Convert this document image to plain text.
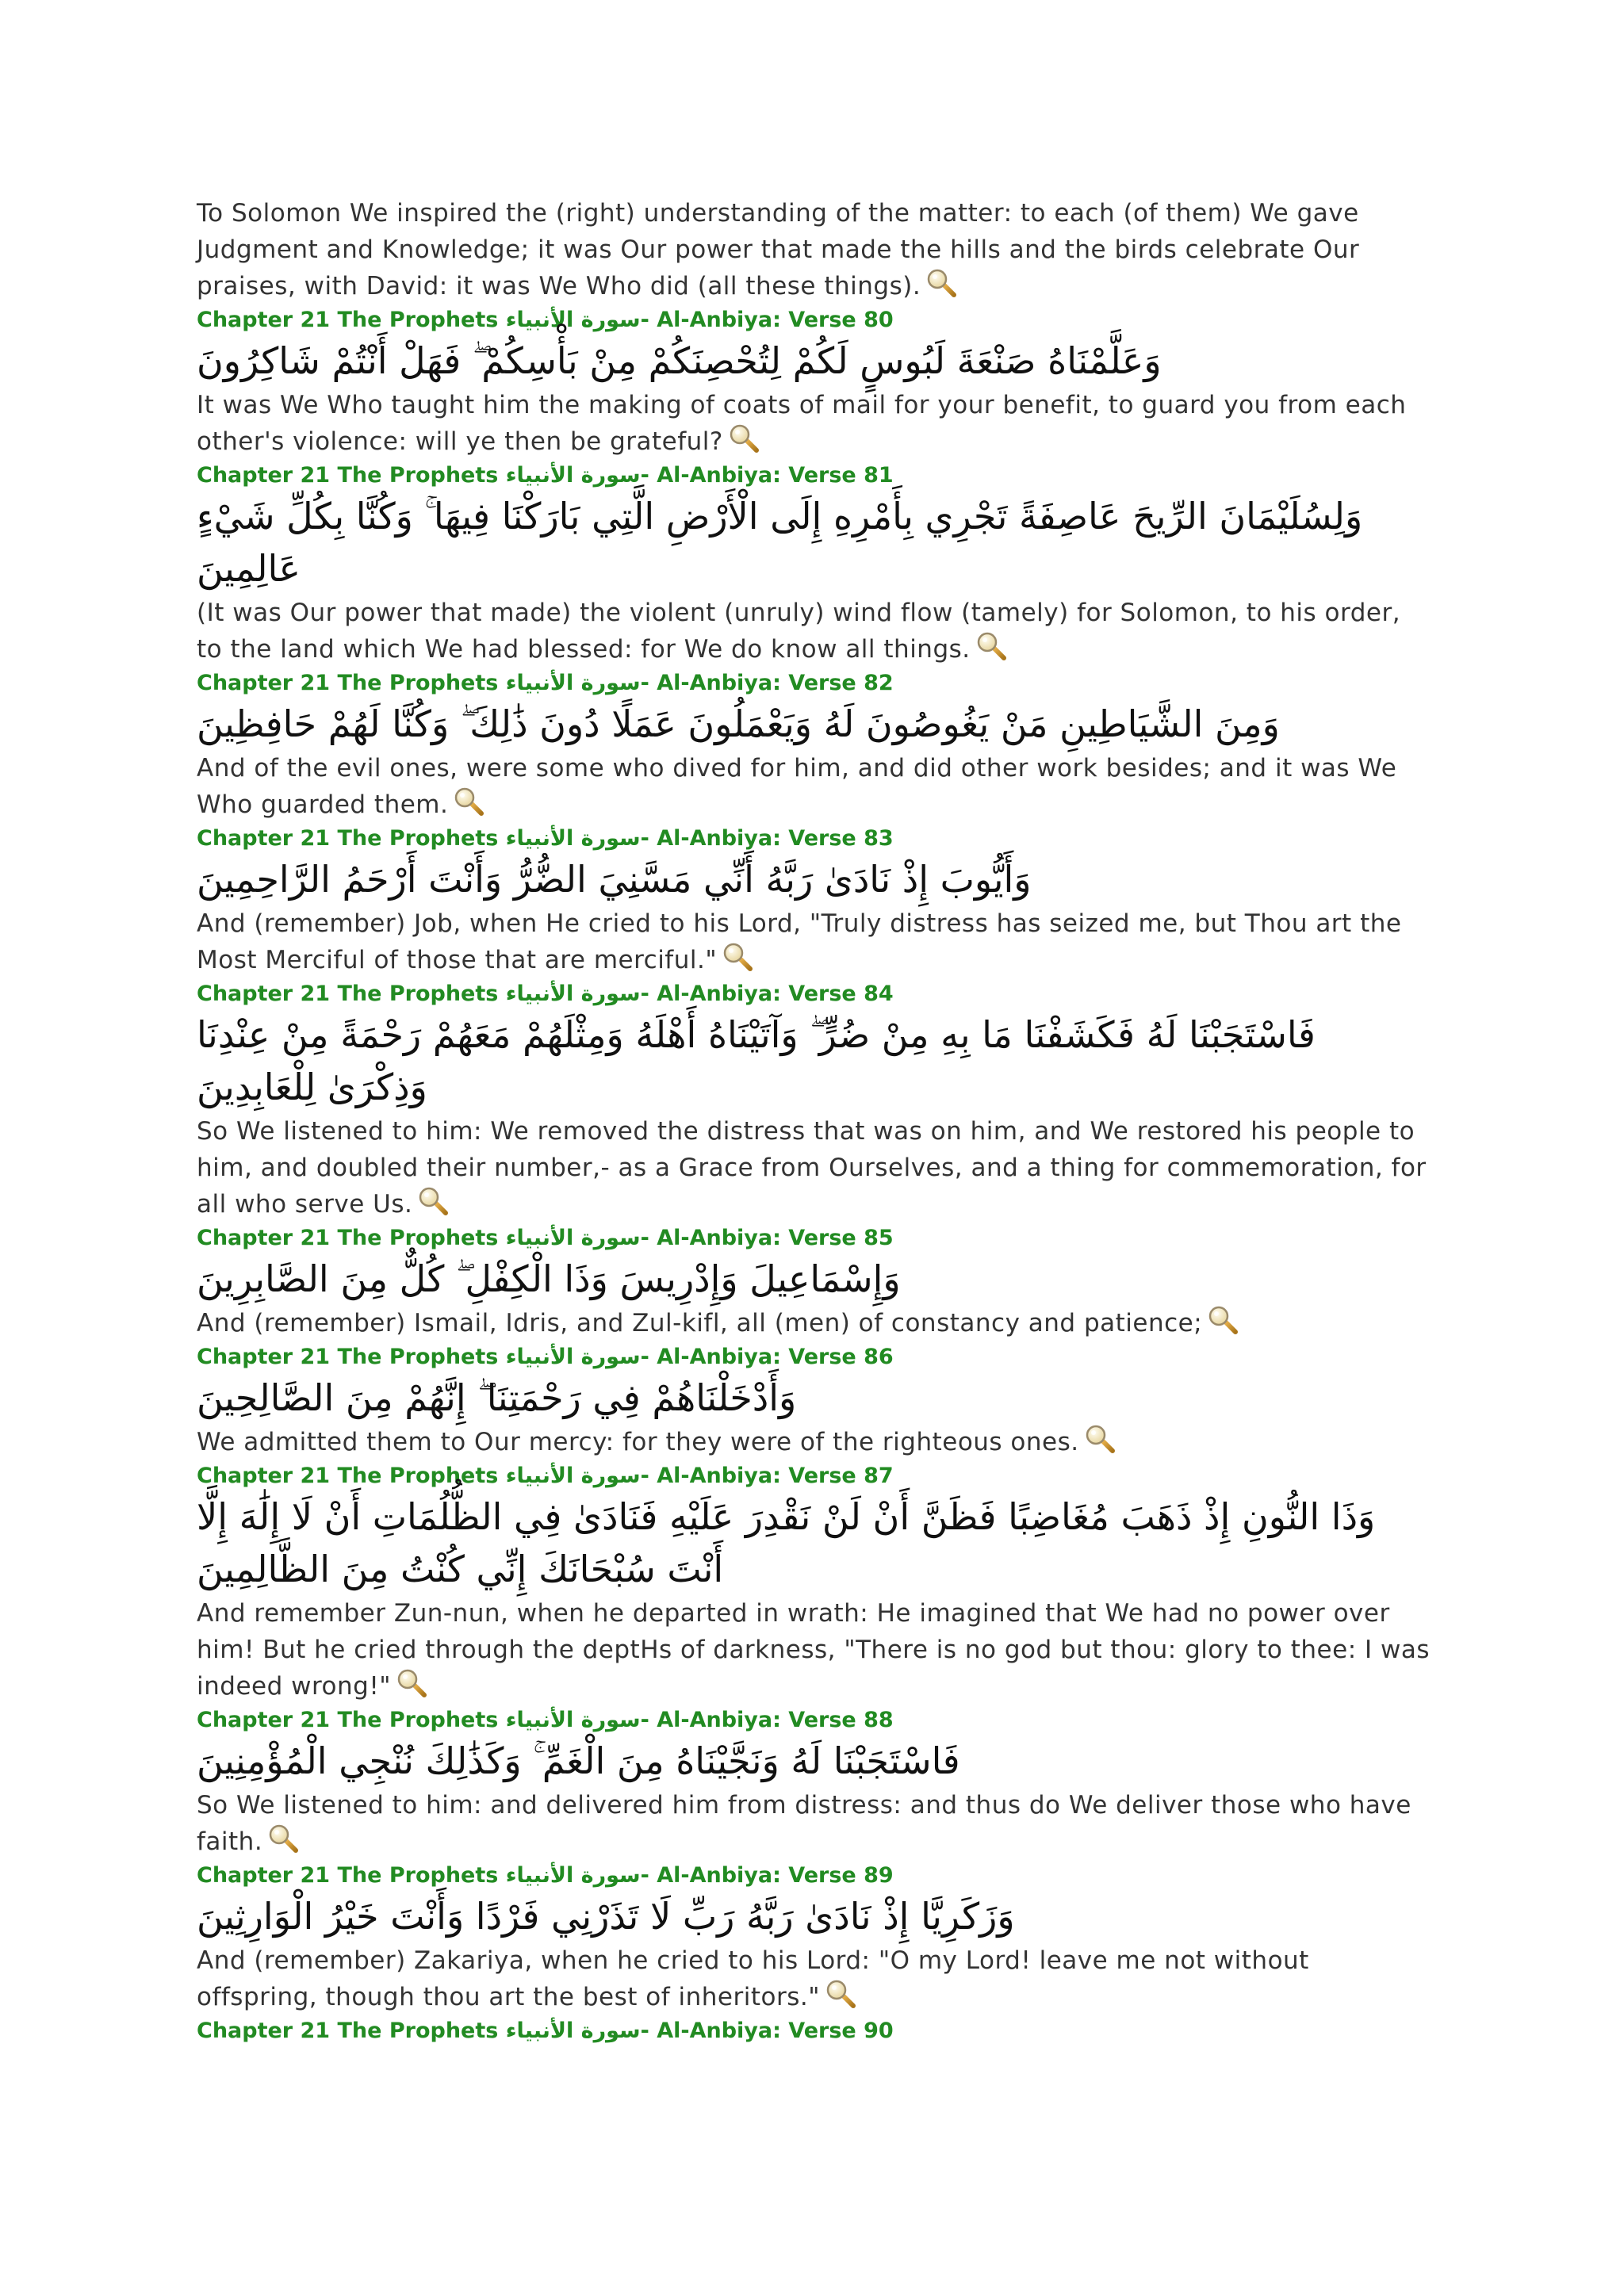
To Solomon We inspired the (right) understanding of the matter: to each (of them) We gave Judgment and Knowledge; it was Our power that made the hills and the birds celebrate Our praises, with David: it was We Who did (all these things).
Chapter 21 The Prophets سورة الأنبياء- Al-Anbiya: Verse 80
وَعَلَّمْنَاهُ صَنْعَةَ لَبُوسٍ لَكُمْ لِتُحْصِنَكُمْ مِنْ بَأْسِكُمْ ۖ فَهَلْ أَنْتُمْ شَاكِرُونَ
It was We Who taught him the making of coats of mail for your benefit, to guard you from each other's violence: will ye then be grateful?
Chapter 21 The Prophets سورة الأنبياء- Al-Anbiya: Verse 81
وَلِسُلَيْمَانَ الرِّيحَ عَاصِفَةً تَجْرِي بِأَمْرِهِ إِلَى الْأَرْضِ الَّتِي بَارَكْنَا فِيهَا ۚ وَكُنَّا بِكُلِّ شَيْءٍ عَالِمِينَ
(It was Our power that made) the violent (unruly) wind flow (tamely) for Solomon, to his order, to the land which We had blessed: for We do know all things.
Chapter 21 The Prophets سورة الأنبياء- Al-Anbiya: Verse 82
وَمِنَ الشَّيَاطِينِ مَنْ يَغُوصُونَ لَهُ وَيَعْمَلُونَ عَمَلًا دُونَ ذَٰلِكَ ۖ وَكُنَّا لَهُمْ حَافِظِينَ
And of the evil ones, were some who dived for him, and did other work besides; and it was We Who guarded them.
Chapter 21 The Prophets سورة الأنبياء- Al-Anbiya: Verse 83
وَأَيُّوبَ إِذْ نَادَىٰ رَبَّهُ أَنِّي مَسَّنِيَ الضُّرُّ وَأَنْتَ أَرْحَمُ الرَّاحِمِينَ
And (remember) Job, when He cried to his Lord, "Truly distress has seized me, but Thou art the Most Merciful of those that are merciful."
Chapter 21 The Prophets سورة الأنبياء- Al-Anbiya: Verse 84
فَاسْتَجَبْنَا لَهُ فَكَشَفْنَا مَا بِهِ مِنْ ضُرٍّ ۖ وَآتَيْنَاهُ أَهْلَهُ وَمِثْلَهُمْ مَعَهُمْ رَحْمَةً مِنْ عِنْدِنَا وَذِكْرَىٰ لِلْعَابِدِينَ
So We listened to him: We removed the distress that was on him, and We restored his people to him, and doubled their number,- as a Grace from Ourselves, and a thing for commemoration, for all who serve Us.
Chapter 21 The Prophets سورة الأنبياء- Al-Anbiya: Verse 85
وَإِسْمَاعِيلَ وَإِدْرِيسَ وَذَا الْكِفْلِ ۖ كُلٌّ مِنَ الصَّابِرِينَ
And (remember) Ismail, Idris, and Zul-kifl, all (men) of constancy and patience;
Chapter 21 The Prophets سورة الأنبياء- Al-Anbiya: Verse 86
وَأَدْخَلْنَاهُمْ فِي رَحْمَتِنَا ۖ إِنَّهُمْ مِنَ الصَّالِحِينَ
We admitted them to Our mercy: for they were of the righteous ones.
Chapter 21 The Prophets سورة الأنبياء- Al-Anbiya: Verse 87
وَذَا النُّونِ إِذْ ذَهَبَ مُغَاضِبًا فَظَنَّ أَنْ لَنْ نَقْدِرَ عَلَيْهِ فَنَادَىٰ فِي الظُّلُمَاتِ أَنْ لَا إِلَٰهَ إِلَّا أَنْتَ سُبْحَانَكَ إِنِّي كُنْتُ مِنَ الظَّالِمِينَ
And remember Zun-nun, when he departed in wrath: He imagined that We had no power over him! But he cried through the deptHs of darkness, "There is no god but thou: glory to thee: I was indeed wrong!"
Chapter 21 The Prophets سورة الأنبياء- Al-Anbiya: Verse 88
فَاسْتَجَبْنَا لَهُ وَنَجَّيْنَاهُ مِنَ الْغَمِّ ۚ وَكَذَٰلِكَ نُنْجِي الْمُؤْمِنِينَ
So We listened to him: and delivered him from distress: and thus do We deliver those who have faith.
Chapter 21 The Prophets سورة الأنبياء- Al-Anbiya: Verse 89
وَزَكَرِيَّا إِذْ نَادَىٰ رَبَّهُ رَبِّ لَا تَذَرْنِي فَرْدًا وَأَنْتَ خَيْرُ الْوَارِثِينَ
And (remember) Zakariya, when he cried to his Lord: "O my Lord! leave me not without offspring, though thou art the best of inheritors."
Chapter 21 The Prophets سورة الأنبياء- Al-Anbiya: Verse 90
